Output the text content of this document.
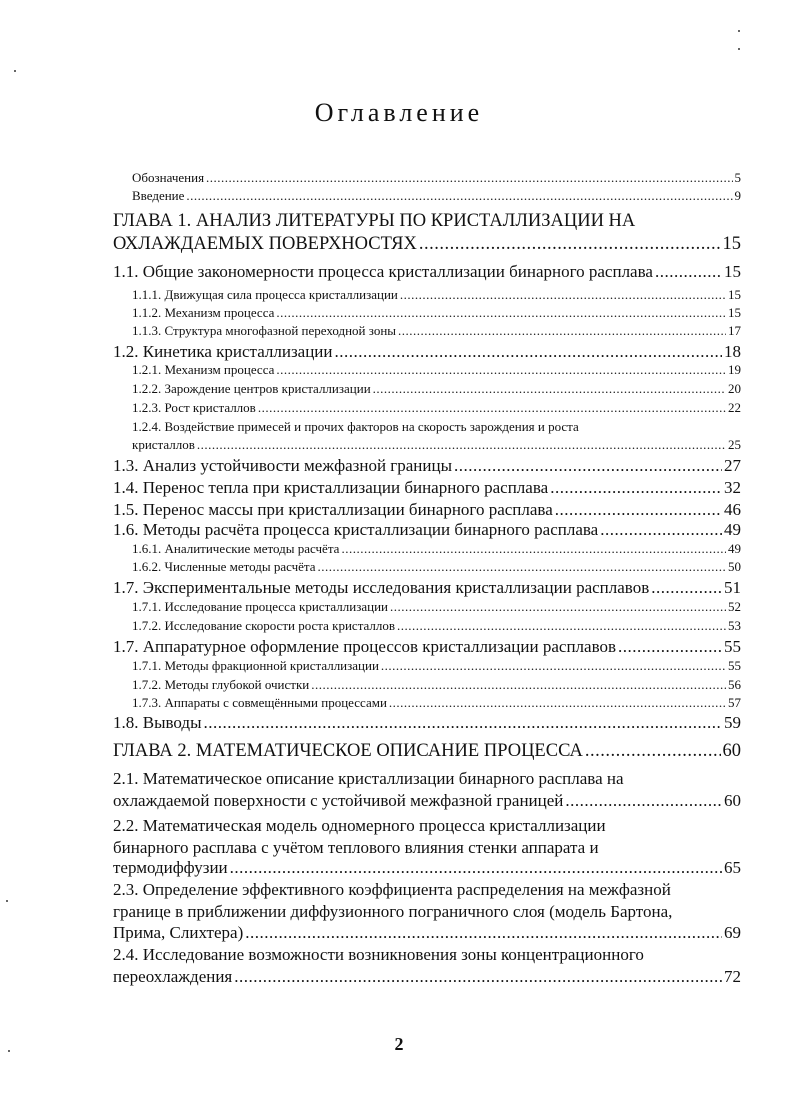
Оглавление
Обозначения .....	5
Введение .....	9
ГЛАВА 1. АНАЛИЗ ЛИТЕРАТУРЫ ПО КРИСТАЛЛИЗАЦИИ НА
ОХЛАЖДАЕМЫХ ПОВЕРХНОСТЯХ .....	15
1.1. Общие закономерности процесса кристаллизации бинарного расплава .....	15
1.1.1. Движущая сила процесса кристаллизации .....	15
1.1.2. Механизм процесса .....	15
1.1.3. Структура многофазной переходной зоны .....	17
1.2. Кинетика кристаллизации .....	18
1.2.1. Механизм процесса .....	19
1.2.2. Зарождение центров кристаллизации .....	20
1.2.3. Рост кристаллов .....	22
1.2.4. Воздействие примесей и прочих факторов на скорость зарождения и роста
кристаллов .....	25
1.3. Анализ устойчивости межфазной границы .....	27
1.4. Перенос тепла при кристаллизации бинарного расплава .....	32
1.5. Перенос массы при кристаллизации бинарного расплава .....	46
1.6. Методы расчёта процесса кристаллизации бинарного расплава .....	49
1.6.1. Аналитические методы расчёта .....	49
1.6.2. Численные методы расчёта .....	50
1.7. Экспериментальные методы исследования кристаллизации расплавов .....	51
1.7.1. Исследование процесса кристаллизации .....	52
1.7.2. Исследование скорости роста кристаллов .....	53
1.7. Аппаратурное оформление процессов кристаллизации расплавов .....	55
1.7.1. Методы фракционной кристаллизации .....	55
1.7.2. Методы глубокой очистки .....	56
1.7.3. Аппараты с совмещёнными процессами .....	57
1.8. Выводы .....	59
ГЛАВА 2. МАТЕМАТИЧЕСКОЕ ОПИСАНИЕ ПРОЦЕССА .....	60
2.1. Математическое описание кристаллизации бинарного расплава на
охлаждаемой поверхности с устойчивой межфазной границей .....	60
2.2. Математическая модель одномерного процесса кристаллизации
бинарного расплава с учётом теплового влияния стенки аппарата и
термодиффузии .....	65
2.3. Определение эффективного коэффициента распределения на межфазной
границе в приближении диффузионного пограничного слоя (модель Бартона,
Прима, Слихтера) .....	69
2.4. Исследование возможности возникновения зоны концентрационного
переохлаждения .....	72
2
